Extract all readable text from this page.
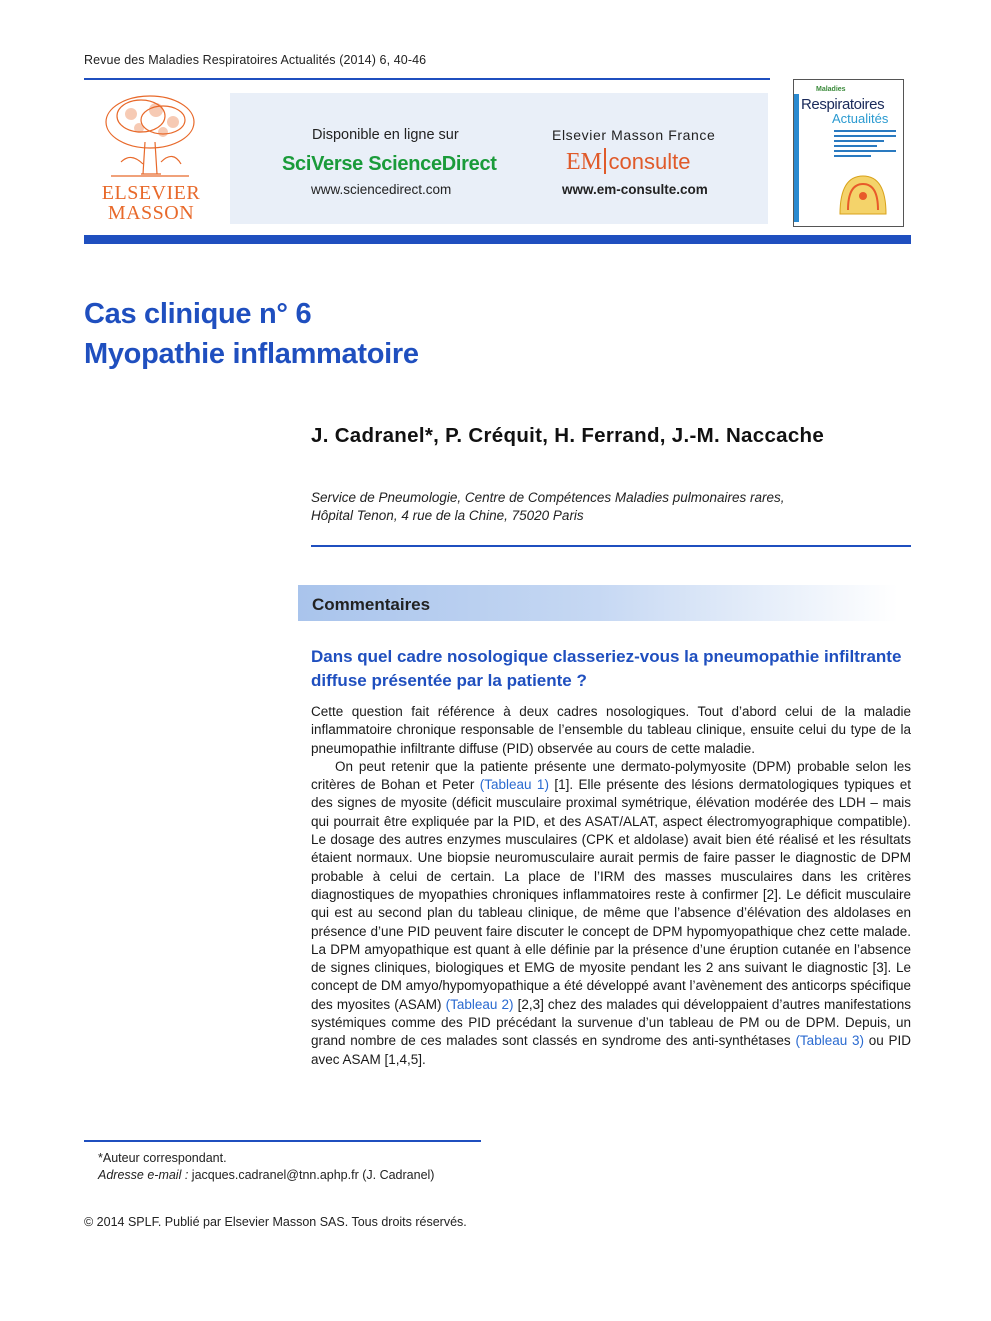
Revue des Maladies Respiratoires Actualités (2014) 6, 40-46
ELSEVIER
MASSON
Disponible en ligne sur
SciVerse ScienceDirect
www.sciencedirect.com
Elsevier Masson France
EM consulte
www.em-consulte.com
Maladies
Respiratoires
Actualités
Cas clinique n° 6
Myopathie inflammatoire
J. Cadranel*, P. Créquit, H. Ferrand, J.-M. Naccache
Service de Pneumologie, Centre de Compétences Maladies pulmonaires rares,
Hôpital Tenon, 4 rue de la Chine, 75020 Paris
Commentaires
Dans quel cadre nosologique classeriez-vous la pneumopathie infiltrante diffuse présentée par la patiente ?

Cette question fait référence à deux cadres nosologiques. Tout d’abord celui de la maladie inflammatoire chronique responsable de l’ensemble du tableau clinique, ensuite celui du type de la pneumopathie infiltrante diffuse (PID) observée au cours de cette maladie.

On peut retenir que la patiente présente une dermato-polymyosite (DPM) probable selon les critères de Bohan et Peter (Tableau 1) [1]. Elle présente des lésions dermatologiques typiques et des signes de myosite (déficit musculaire proximal symétrique, élévation modérée des LDH – mais qui pourrait être expliquée par la PID, et des ASAT/ALAT, aspect électromyographique compatible). Le dosage des autres enzymes musculaires (CPK et aldolase) avait bien été réalisé et les résultats étaient normaux. Une biopsie neuromusculaire aurait permis de faire passer le diagnostic de DPM probable à celui de certain. La place de l’IRM des masses musculaires dans les critères diagnostiques de myopathies chroniques inflammatoires reste à confirmer [2]. Le déficit musculaire qui est au second plan du tableau clinique, de même que l’absence d’élévation des aldolases en présence d’une PID peuvent faire discuter le concept de DPM hypomyopathique chez cette malade. La DPM amyopathique est quant à elle définie par la présence d’une éruption cutanée en l’absence de signes cliniques, biologiques et EMG de myosite pendant les 2 ans suivant le diagnostic [3]. Le concept de DM amyo/hypomyopathique a été développé avant l’avènement des anticorps spécifique des myosites (ASAM) (Tableau 2) [2,3] chez des malades qui développaient d’autres manifestations systémiques comme des PID précédant la survenue d’un tableau de PM ou de DPM. Depuis, un grand nombre de ces malades sont classés en syndrome des anti-synthétases (Tableau 3) ou PID avec ASAM [1,4,5].

*Auteur correspondant.
Adresse e-mail : jacques.cadranel@tnn.aphp.fr (J. Cadranel)
© 2014 SPLF. Publié par Elsevier Masson SAS. Tous droits réservés.
